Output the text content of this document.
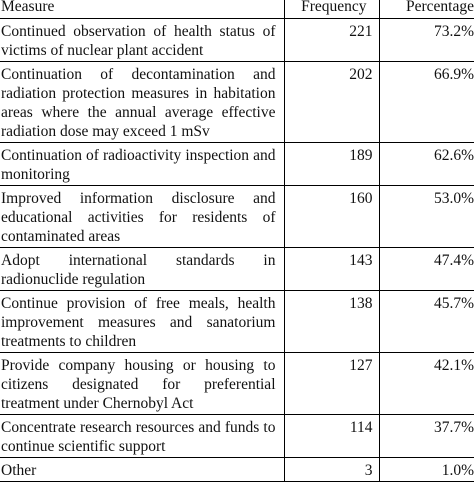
Measure	Frequency	Percentage
Continued observation of health status of victims of nuclear plant accident	221	73.2%
Continuation of decontamination and radiation protection measures in habitation areas where the annual average effective radiation dose may exceed 1 mSv	202	66.9%
Continuation of radioactivity inspection and monitoring	189	62.6%
Improved information disclosure and educational activities for residents of contaminated areas	160	53.0%
Adopt international standards in radionuclide regulation	143	47.4%
Continue provision of free meals, health improvement measures and sanatorium treatments to children	138	45.7%
Provide company housing or housing to citizens designated for preferential treatment under Chernobyl Act	127	42.1%
Concentrate research resources and funds to continue scientific support	114	37.7%
Other	3	1.0%
